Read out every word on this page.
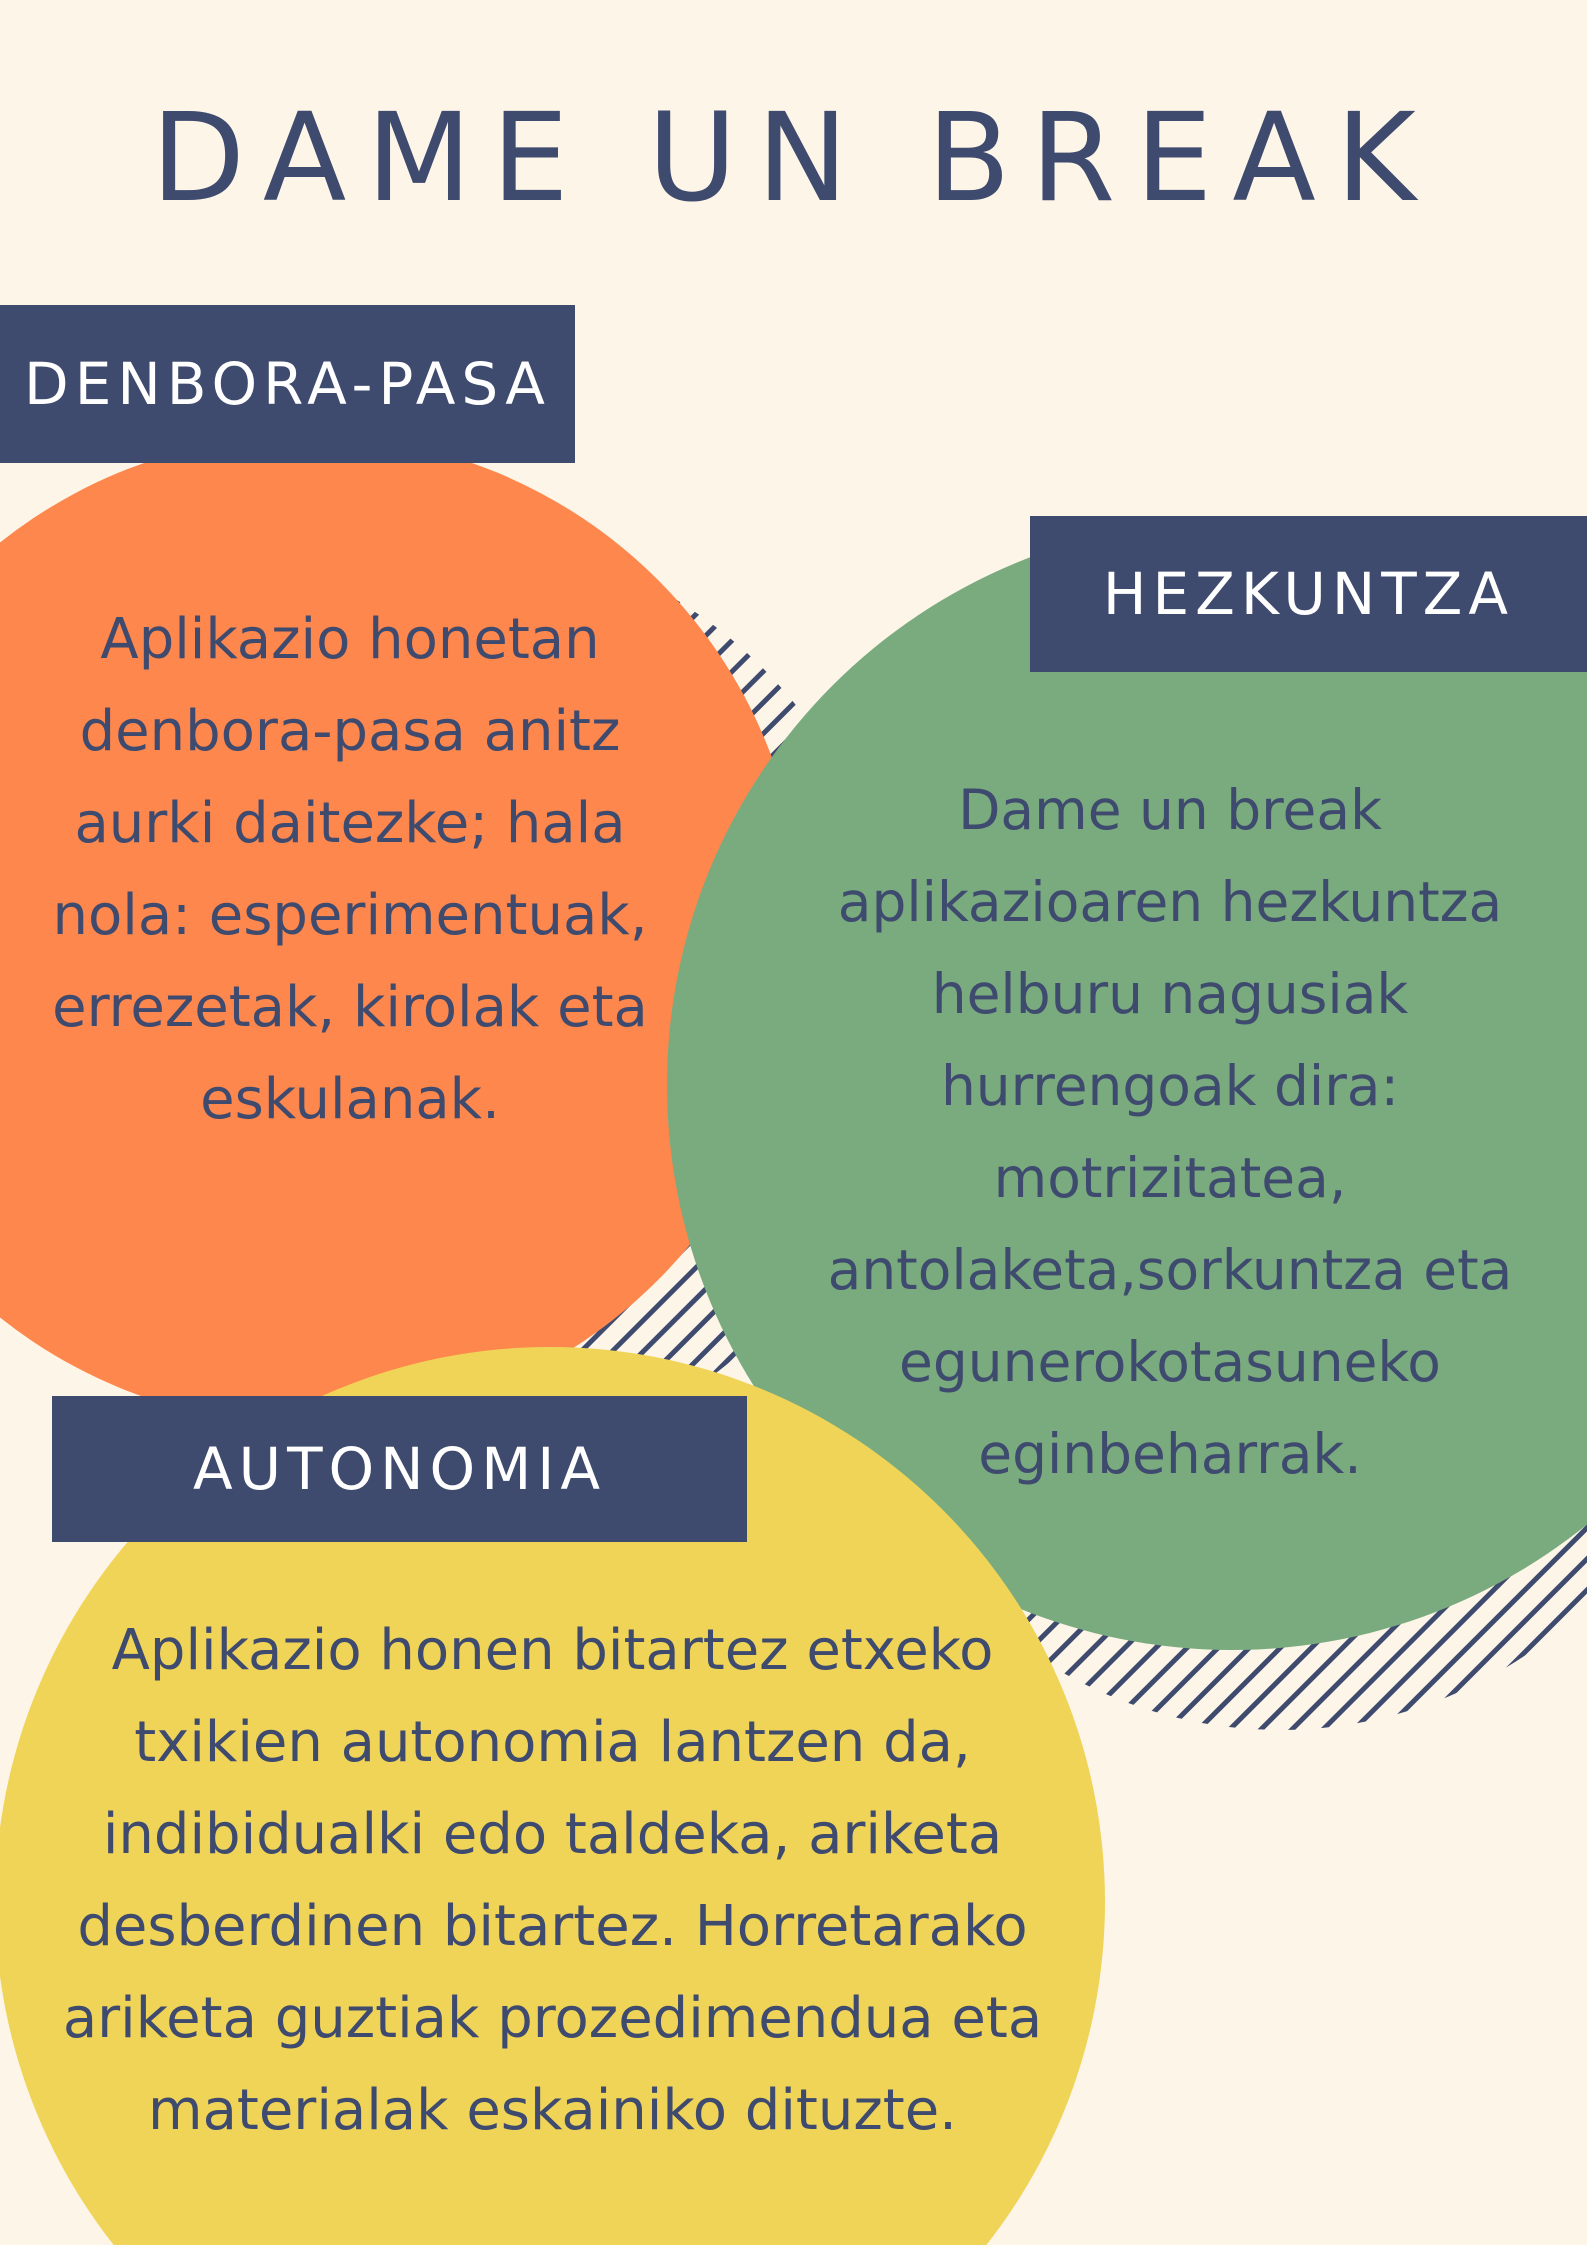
DAME UN BREAK
DENBORA-PASA

Aplikazio honetan denbora-pasa anitz aurki daitezke; hala nola: esperimentuak, errezetak, kirolak eta eskulanak.

HEZKUNTZA

Dame un break aplikazioaren hezkuntza helburu nagusiak hurrengoak dira: motrizitatea, antolaketa,sorkuntza eta egunerokotasuneko eginbeharrak.

AUTONOMIA

Aplikazio honen bitartez etxeko txikien autonomia lantzen da, indibidualki edo taldeka, ariketa desberdinen bitartez. Horretarako ariketa guztiak prozedimendua eta materialak eskainiko dituzte.
